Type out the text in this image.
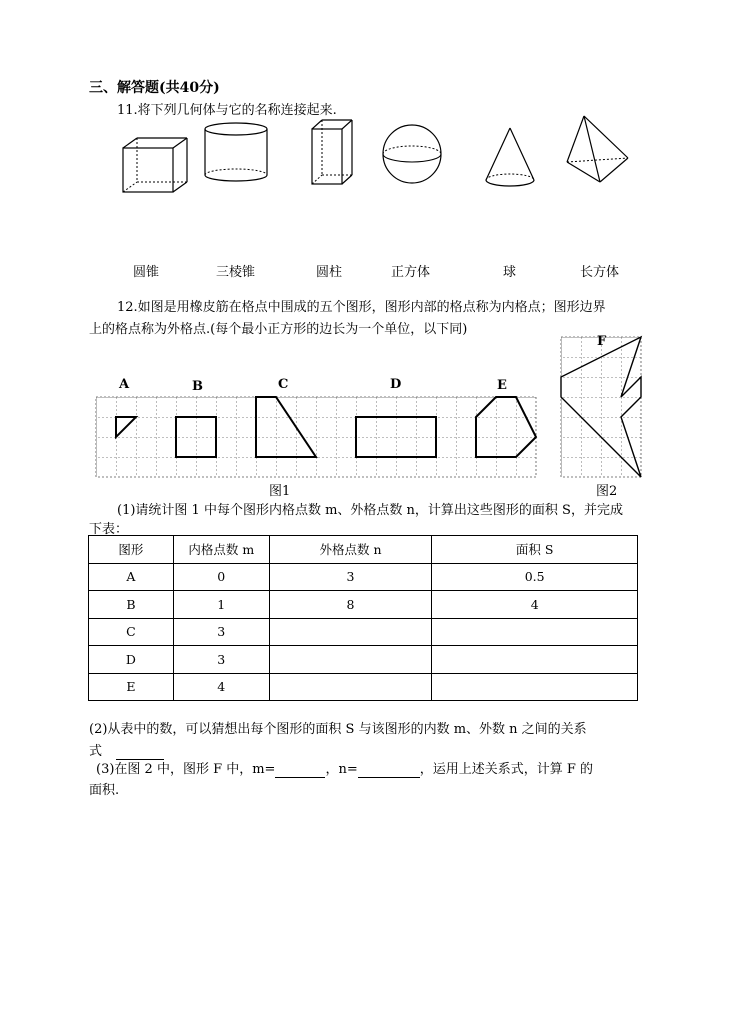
三、解答题(共40分)
11.将下列几何体与它的名称连接起来.
圆锥	三棱锥	圆柱	正方体	球	长方体
12.如图是用橡皮筋在格点中围成的五个图形，图形内部的格点称为内格点；图形边界
上的格点称为外格点.(每个最小正方形的边长为一个单位，以下同)
A	B	C	D	E
图1
F
图2
(1)请统计图 1 中每个图形内格点数 m、外格点数 n，计算出这些图形的面积 S，并完成
下表：
图形	内格点数 m	外格点数 n	面积 S
A	0	3	0.5
B	1	8	4
C	3		
D	3		
E	4		
(2)从表中的数，可以猜想出每个图形的面积 S 与该图形的内数 m、外数 n 之间的关系
式
(3)在图 2 中，图形 F 中，m=	，n=	，运用上述关系式，计算 F 的
面积.
